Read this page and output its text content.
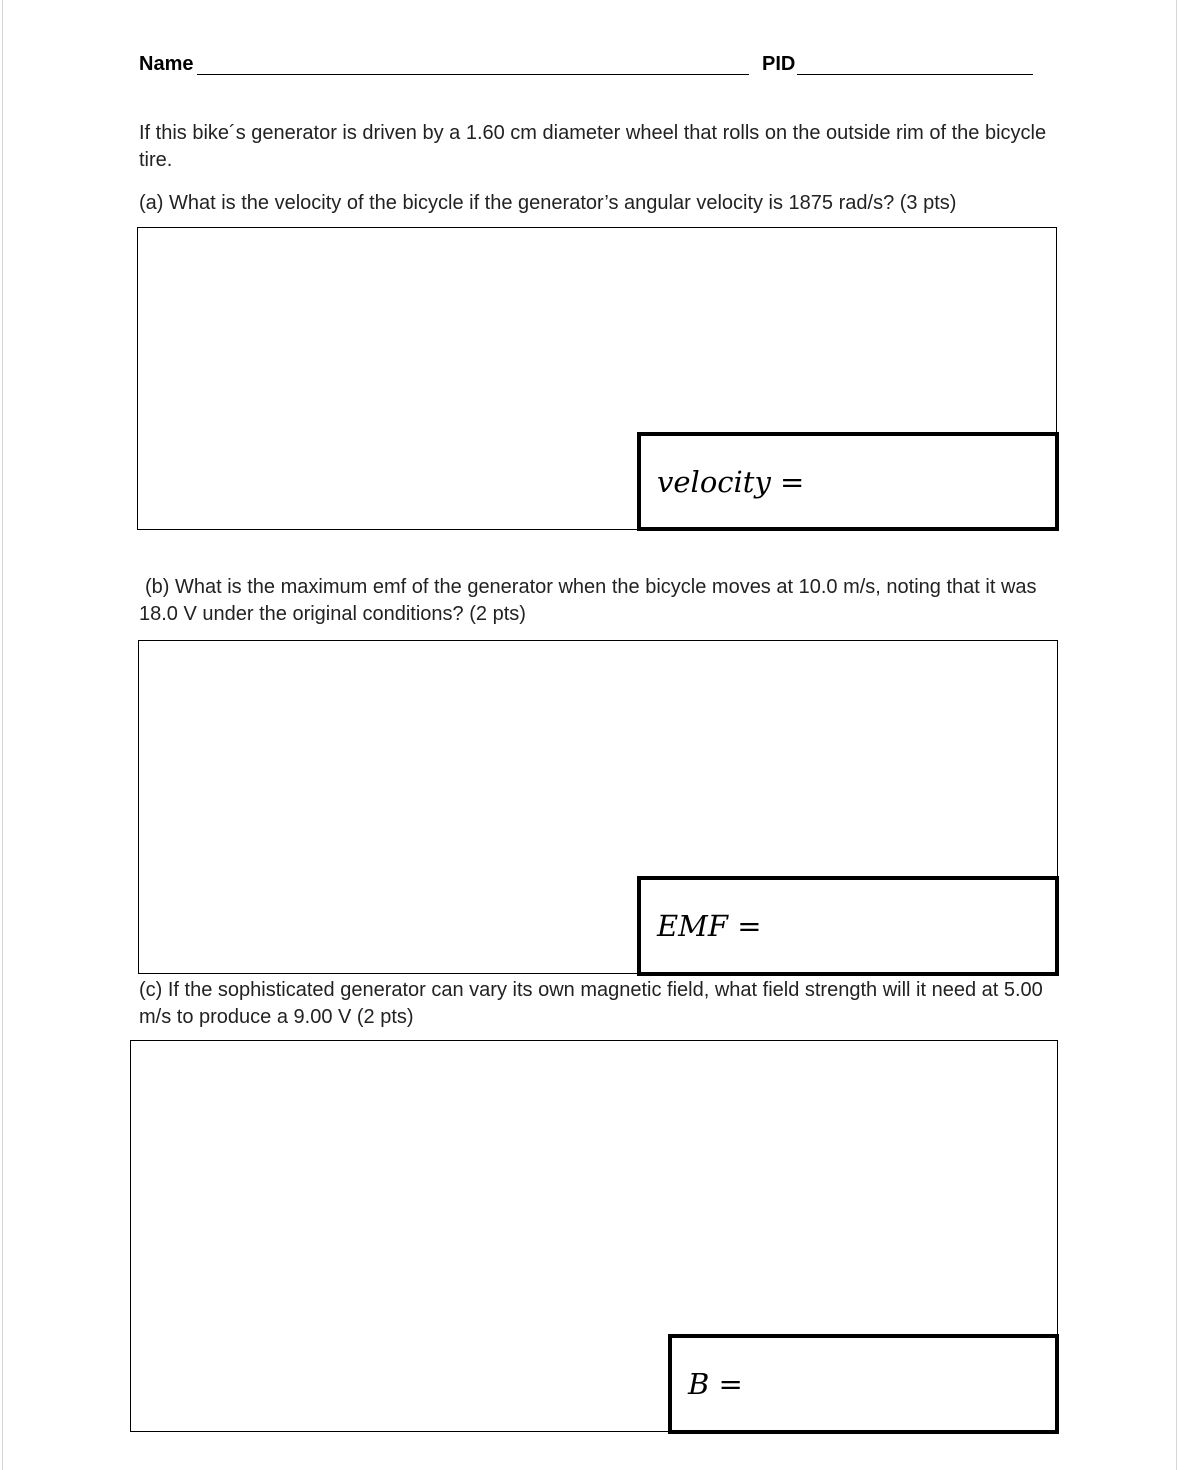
Name	PID
If this bike´s generator is driven by a 1.60 cm diameter wheel that rolls on the outside rim of the bicycle tire.
(a) What is the velocity of the bicycle if the generator’s angular velocity is 1875 rad/s? (3 pts)
velocity =
(b) What is the maximum emf of the generator when the bicycle moves at 10.0 m/s, noting that it was 18.0 V under the original conditions? (2 pts)
EMF =
(c) If the sophisticated generator can vary its own magnetic field, what field strength will it need at 5.00 m/s to produce a 9.00 V (2 pts)
B =
